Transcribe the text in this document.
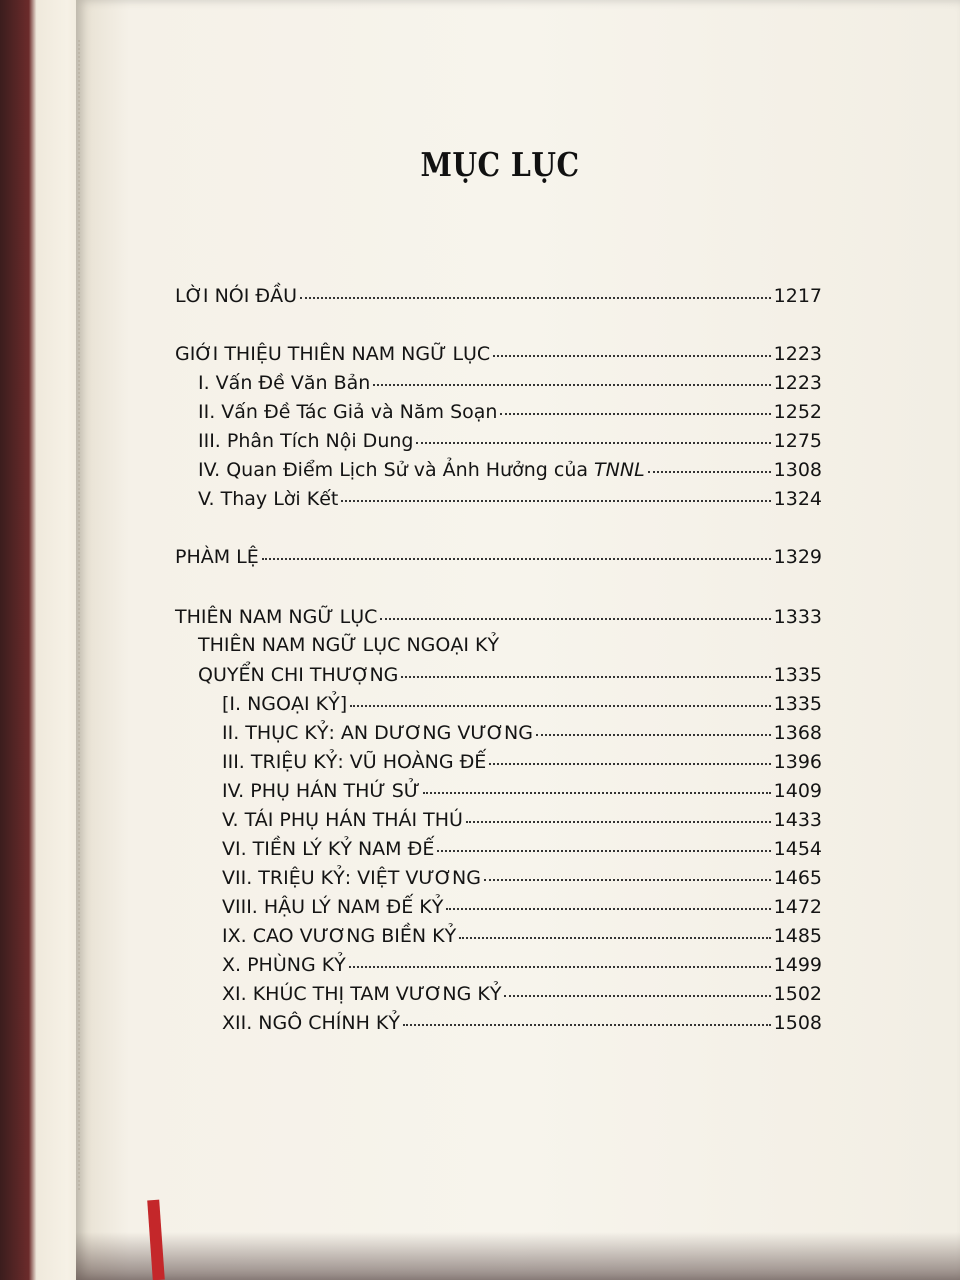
MỤC LỤC
LỜI NÓI ĐẦU	1217
GIỚI THIỆU THIÊN NAM NGỮ LỤC	1223
I. Vấn Đề Văn Bản	1223
II. Vấn Đề Tác Giả và Năm Soạn	1252
III. Phân Tích Nội Dung	1275
IV. Quan Điểm Lịch Sử và Ảnh Hưởng của TNNL	1308
V. Thay Lời Kết	1324
PHÀM LỆ	1329
THIÊN NAM NGỮ LỤC	1333
THIÊN NAM NGỮ LỤC NGOẠI KỶ
QUYỂN CHI THƯỢNG	1335
[I. NGOẠI KỶ]	1335
II. THỤC KỶ: AN DƯƠNG VƯƠNG	1368
III. TRIỆU KỶ: VŨ HOÀNG ĐẾ	1396
IV. PHỤ HÁN THỨ SỬ	1409
V. TÁI PHỤ HÁN THÁI THÚ	1433
VI. TIỀN LÝ KỶ NAM ĐẾ	1454
VII. TRIỆU KỶ: VIỆT VƯƠNG	1465
VIII. HẬU LÝ NAM ĐẾ KỶ	1472
IX. CAO VƯƠNG BIỀN KỶ	1485
X. PHÙNG KỶ	1499
XI. KHÚC THỊ TAM VƯƠNG KỶ	1502
XII. NGÔ CHÍNH KỶ	1508
